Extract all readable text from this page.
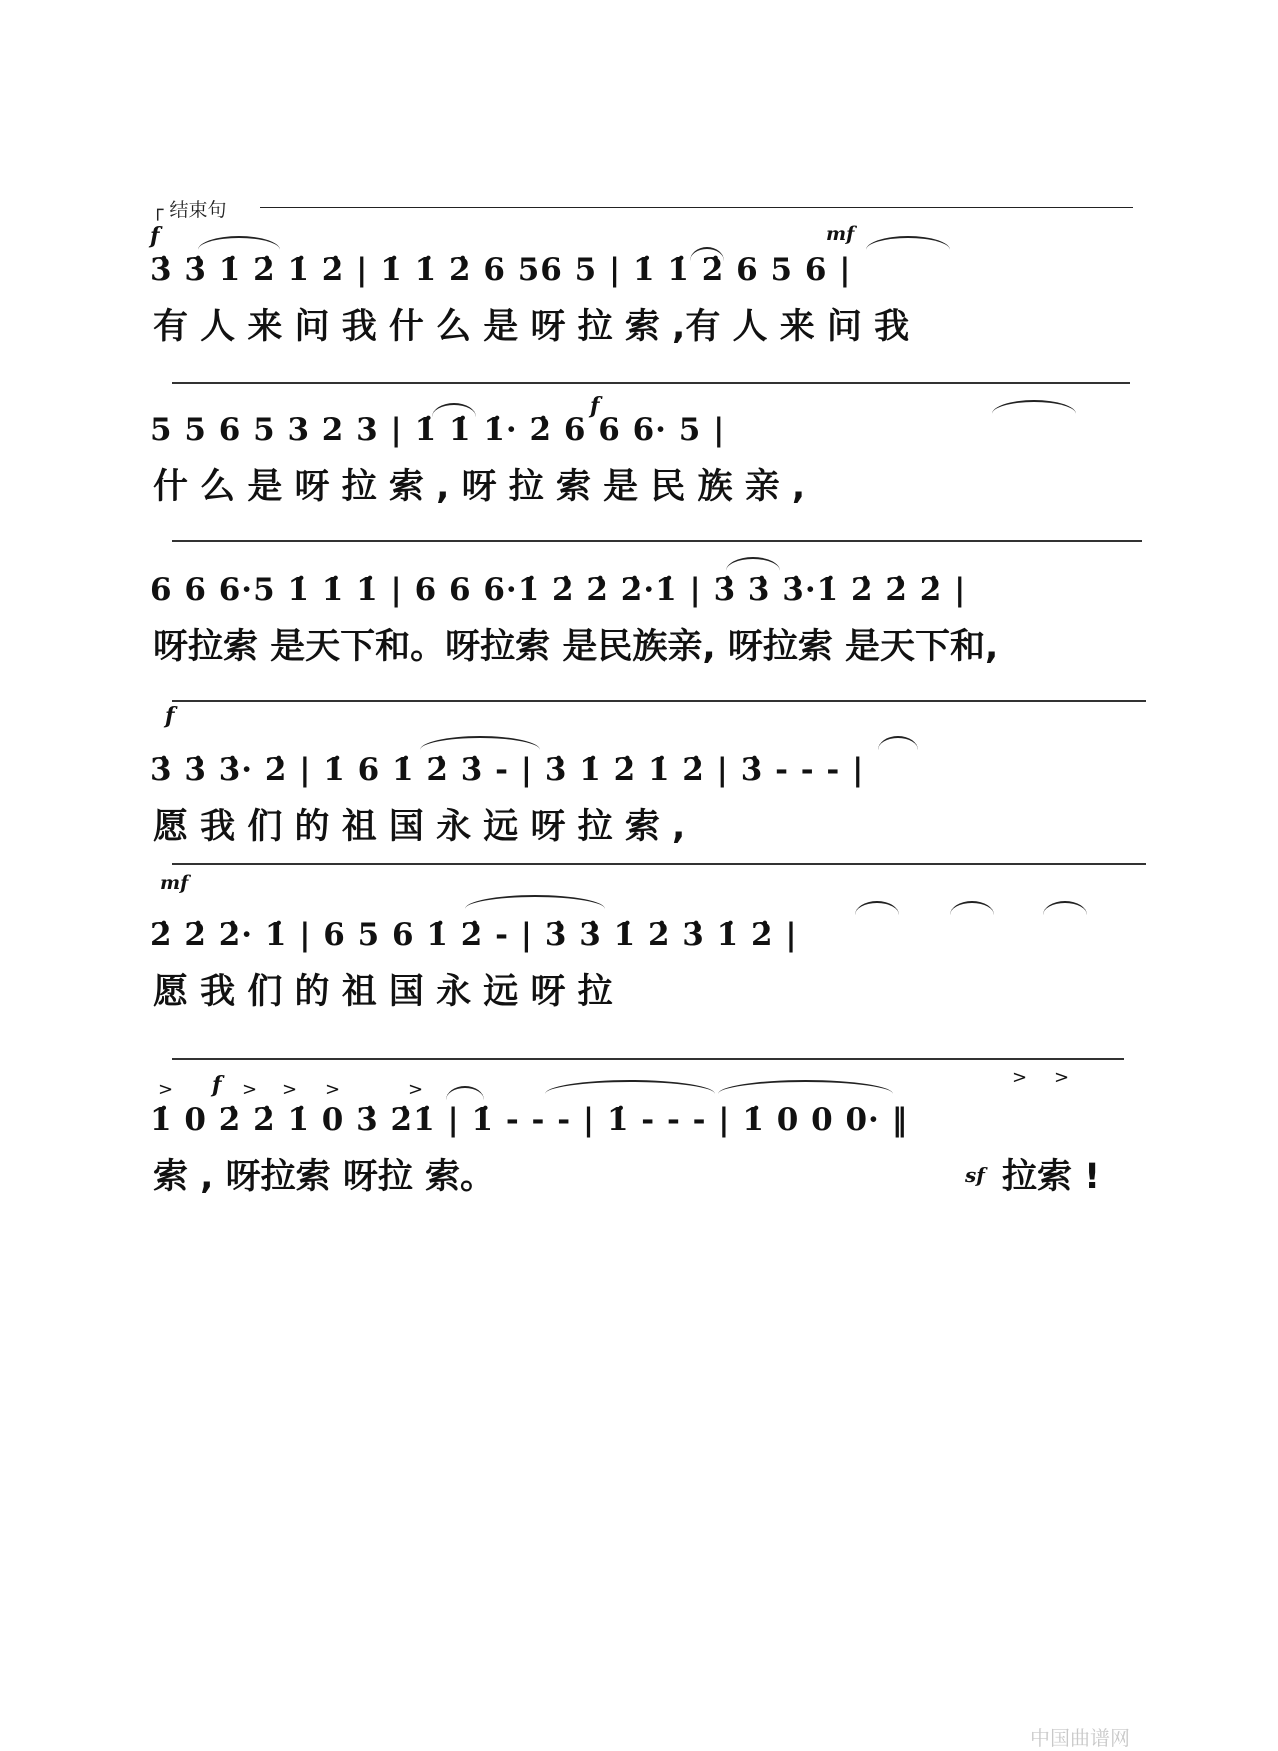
┌ 结束句
f	mf
3̇ 3̇ 1̇ 2̇ 1̇ 2̇ | 1̇ 1̇ 2̇ 6 56 5 | 1̇ 1̇ 2̇ 6 5 6 |
有 人 来 问 我 什 么 是 呀 拉 索 ,有 人 来 问 我
f
5 5 6 5 3 2 3 | 1̇ 1̇ 1̇· 2̇ 6 6 6· 5 |
什 么 是 呀 拉 索 , 呀 拉 索 是 民 族 亲 ,
6 6 6·5 1̇ 1̇ 1̇ | 6 6 6·1̇ 2̇ 2̇ 2̇·1̇ | 3̇ 3̇ 3̇·1̇ 2̇ 2̇ 2̇ |
呀拉索 是天下和。呀拉索 是民族亲, 呀拉索 是天下和,
f
3̇ 3̇ 3̇· 2̇ | 1̇ 6 1̇ 2̇ 3̇ - | 3̇ 1̇ 2̇ 1̇ 2̇ | 3̇ - - - |
愿 我 们 的 祖 国 永 远 呀 拉 索 ,
mf
2̇ 2̇ 2̇· 1̇ | 6 5 6 1̇ 2̇ - | 3̇ 3̇ 1̇ 2̇ 3̇ 1̇ 2̇ |
愿 我 们 的 祖 国 永 远 呀 拉
f
>	> > >	>
> >
1̇ 0 2̇ 2̇ 1̇ 0 3̇ 2̇1̇ | 1̇ - - - | 1̇ - - - | 1̇ 0 0 0· ‖
索 , 呀拉索 呀拉 索。	sf 拉索 !
中国曲谱网
